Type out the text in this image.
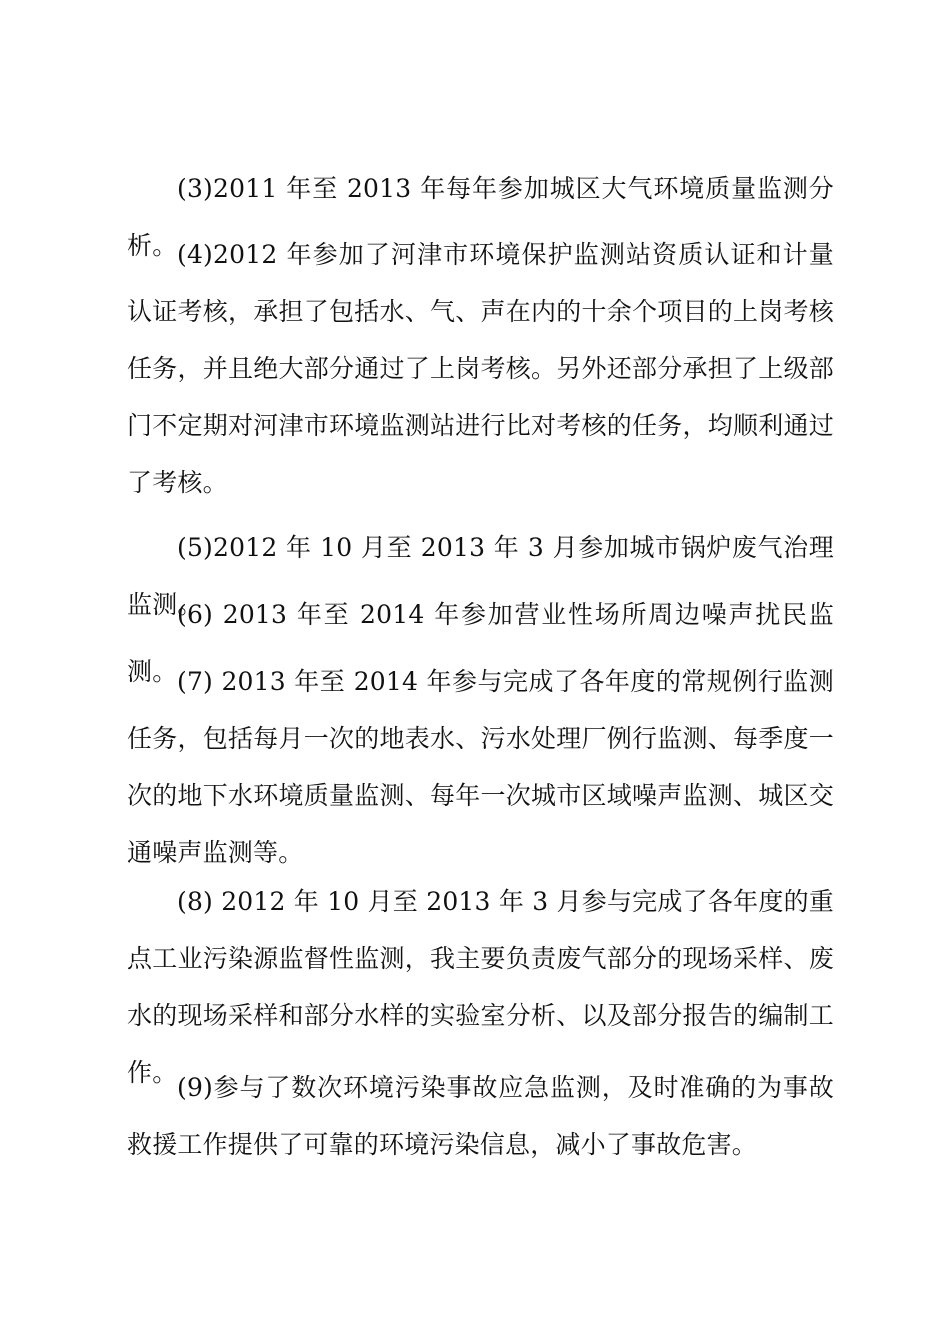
(3)2011 年至 2013 年每年参加城区大气环境质量监测分析。 (4)2012 年参加了河津市环境保护监测站资质认证和计量认证考核，承担了包括水、气、声在内的十余个项目的上岗考核任务，并且绝大部分通过了上岗考核。另外还部分承担了上级部门不定期对河津市环境监测站进行比对考核的任务，均顺利通过了考核。

(5)2012 年 10 月至 2013 年 3 月参加城市锅炉废气治理监测。

(6) 2013 年至 2014 年参加营业性场所周边噪声扰民监测。 (7) 2013 年至 2014 年参与完成了各年度的常规例行监测任务，包括每月一次的地表水、污水处理厂例行监测、每季度一次的地下水环境质量监测、每年一次城市区域噪声监测、城区交通噪声监测等。

(8) 2012 年 10 月至 2013 年 3 月参与完成了各年度的重点工业污染源监督性监测，我主要负责废气部分的现场采样、废水的现场采样和部分水样的实验室分析、以及部分报告的编制工作。

(9)参与了数次环境污染事故应急监测，及时准确的为事故救援工作提供了可靠的环境污染信息，减小了事故危害。
